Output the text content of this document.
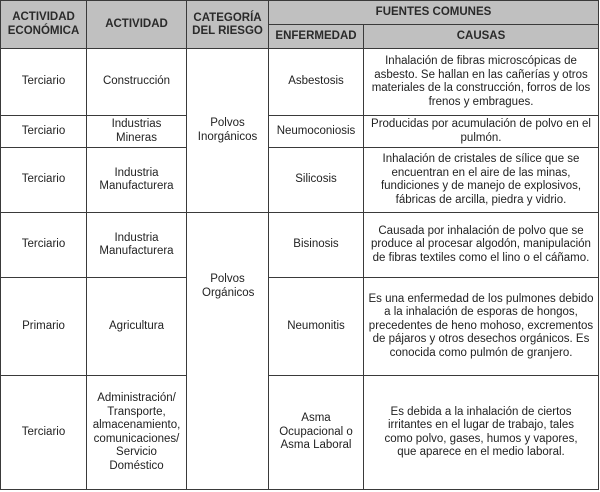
ACTIVIDAD ECONÓMICA	ACTIVIDAD	CATEGORÍA DEL RIESGO	FUENTES COMUNES	
			ENFERMEDAD	CAUSAS
Terciario	Construcción	Polvos Inorgánicos	Asbestosis	Inhalación de fibras microscópicas de asbesto. Se hallan en las cañerías y otros materiales de la construcción, forros de los frenos y embragues.
Terciario	Industrias Mineras		Neumoconiosis	Producidas por acumulación de polvo en el pulmón.
Terciario	Industria Manufacturera		Silicosis	Inhalación de cristales de sílice que se encuentran en el aire de las minas, fundiciones y de manejo de explosivos, fábricas de arcilla, piedra y vidrio.
Terciario	Industria Manufacturera	Polvos Orgánicos	Bisinosis	Causada por inhalación de polvo que se produce al procesar algodón, manipulación de fibras textiles como el lino o el cáñamo.
Primario	Agricultura		Neumonitis	Es una enfermedad de los pulmones debido a la inhalación de esporas de hongos, precedentes de heno mohoso, excrementos de pájaros y otros desechos orgánicos. Es conocida como pulmón de granjero.
Terciario	Administración/ Transporte, almacenamiento, comunicaciones/ Servicio Doméstico		Asma Ocupacional o Asma Laboral	Es debida a la inhalación de ciertos irritantes en el lugar de trabajo, tales como polvo, gases, humos y vapores, que aparece en el medio laboral.
